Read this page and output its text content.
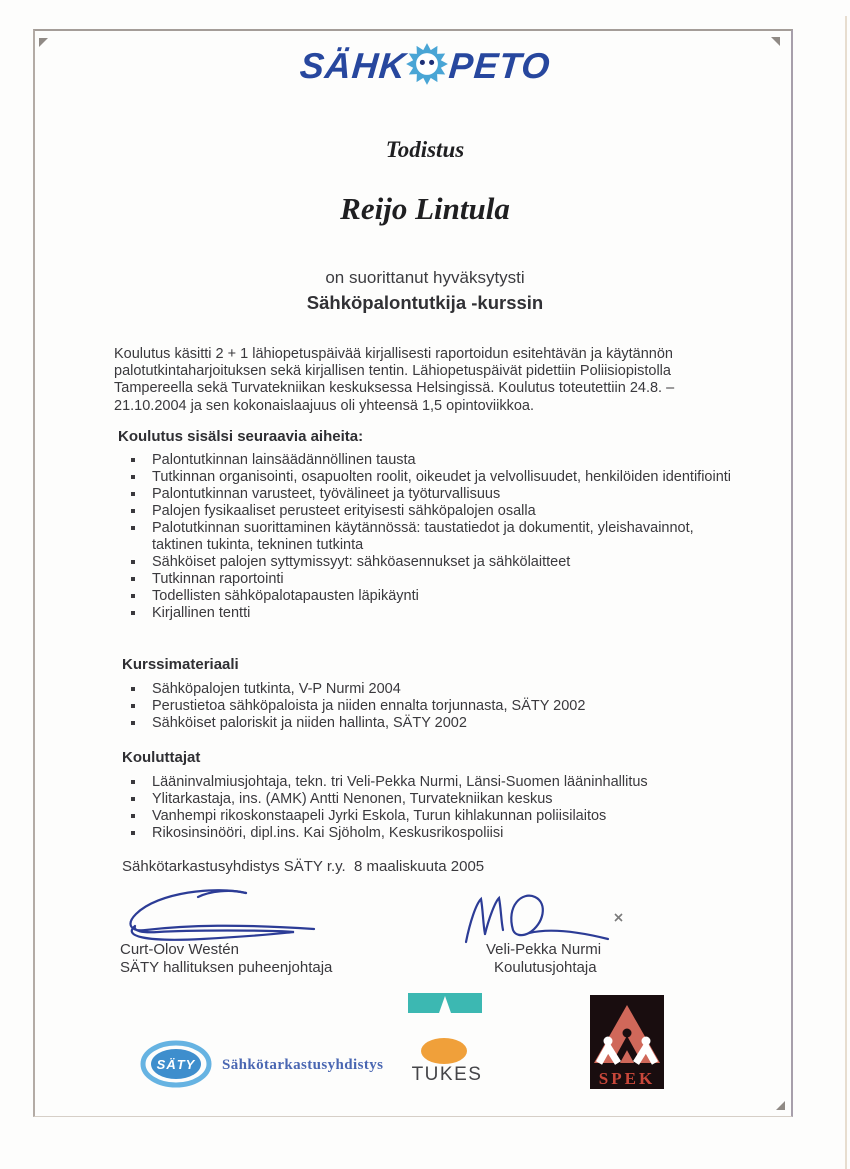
SÄHK PETO
Todistus
Reijo Lintula
on suorittanut hyväksytysti
Sähköpalontutkija -kurssin

Koulutus käsitti 2 + 1 lähiopetuspäivää kirjallisesti raportoidun esitehtävän ja käytännön palotutkintaharjoituksen sekä kirjallisen tentin. Lähiopetuspäivät pidettiin Poliisiopistolla Tampereella sekä Turvatekniikan keskuksessa Helsingissä. Koulutus toteutettiin 24.8. – 21.10.2004 ja sen kokonaislaajuus oli yhteensä 1,5 opintoviikkoa.

Koulutus sisälsi seuraavia aiheita:
Palontutkinnan lainsäädännöllinen tausta
Tutkinnan organisointi, osapuolten roolit, oikeudet ja velvollisuudet, henkilöiden identifiointi
Palontutkinnan varusteet, työvälineet ja työturvallisuus
Palojen fysikaaliset perusteet erityisesti sähköpalojen osalla
Palotutkinnan suorittaminen käytännössä: taustatiedot ja dokumentit, yleishavainnot, taktinen tukinta, tekninen tutkinta
Sähköiset palojen syttymissyyt: sähköasennukset ja sähkölaitteet
Tutkinnan raportointi
Todellisten sähköpalotapausten läpikäynti
Kirjallinen tentti
Kurssimateriaali
Sähköpalojen tutkinta, V-P Nurmi 2004
Perustietoa sähköpaloista ja niiden ennalta torjunnasta, SÄTY 2002
Sähköiset paloriskit ja niiden hallinta, SÄTY 2002
Kouluttajat
Lääninvalmiusjohtaja, tekn. tri Veli-Pekka Nurmi, Länsi-Suomen lääninhallitus
Ylitarkastaja, ins. (AMK) Antti Nenonen, Turvatekniikan keskus
Vanhempi rikoskonstaapeli Jyrki Eskola, Turun kihlakunnan poliisilaitos
Rikosinsinööri, dipl.ins. Kai Sjöholm, Keskusrikospoliisi
Sähkötarkastusyhdistys SÄTY r.y.  8 maaliskuuta 2005
Curt-Olov Westén
SÄTY hallituksen puheenjohtaja
Veli-Pekka Nurmi
Koulutusjohtaja
SÄTY Sähkötarkastusyhdistys	TUKES	SPEK
